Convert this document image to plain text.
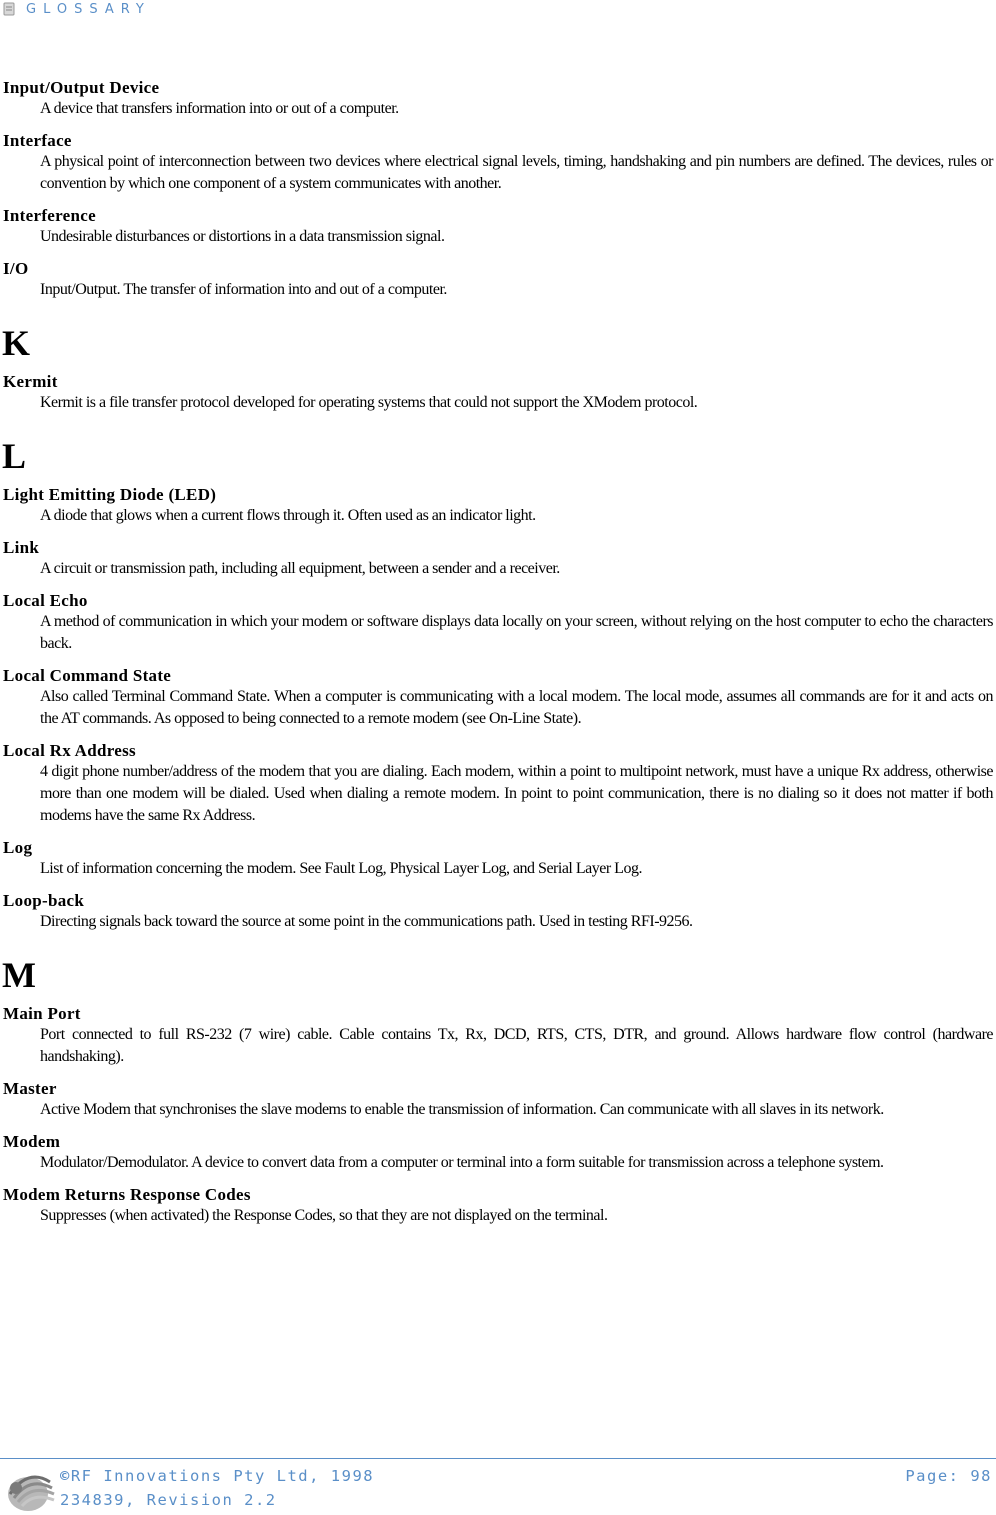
GLOSSARY
Input/Output Device
A device that transfers information into or out of a computer.
Interface
A physical point of interconnection between two devices where electrical signal levels, timing, handshaking and pin numbers are defined. The devices, rules or convention by which one component of a system communicates with another.
Interference
Undesirable disturbances or distortions in a data transmission signal.
I/O
Input/Output. The transfer of information into and out of a computer.
K
Kermit
Kermit is a file transfer protocol developed for operating systems that could not support the XModem protocol.
L
Light Emitting Diode (LED)
A diode that glows when a current flows through it. Often used as an indicator light.
Link
A circuit or transmission path, including all equipment, between a sender and a receiver.
Local Echo
A method of communication in which your modem or software displays data locally on your screen, without relying on the host computer to echo the characters back.
Local Command State
Also called Terminal Command State. When a computer is communicating with a local modem. The local mode, assumes all commands are for it and acts on the AT commands. As opposed to being connected to a remote modem (see On-Line State).
Local Rx Address
4 digit phone number/address of the modem that you are dialing. Each modem, within a point to multipoint network, must have a unique Rx address, otherwise more than one modem will be dialed. Used when dialing a remote modem. In point to point communication, there is no dialing so it does not matter if both modems have the same Rx Address.
Log
List of information concerning the modem. See Fault Log, Physical Layer Log, and Serial Layer Log.
Loop-back
Directing signals back toward the source at some point in the communications path. Used in testing RFI-9256.
M
Main Port
Port connected to full RS-232 (7 wire) cable. Cable contains Tx, Rx, DCD, RTS, CTS, DTR, and ground. Allows hardware flow control (hardware handshaking).
Master
Active Modem that synchronises the slave modems to enable the transmission of information. Can communicate with all slaves in its network.
Modem
Modulator/Demodulator. A device to convert data from a computer or terminal into a form suitable for transmission across a telephone system.
Modem Returns Response Codes
Suppresses (when activated) the Response Codes, so that they are not displayed on the terminal.
©RF Innovations Pty Ltd, 1998
234839, Revision 2.2
Page: 98
